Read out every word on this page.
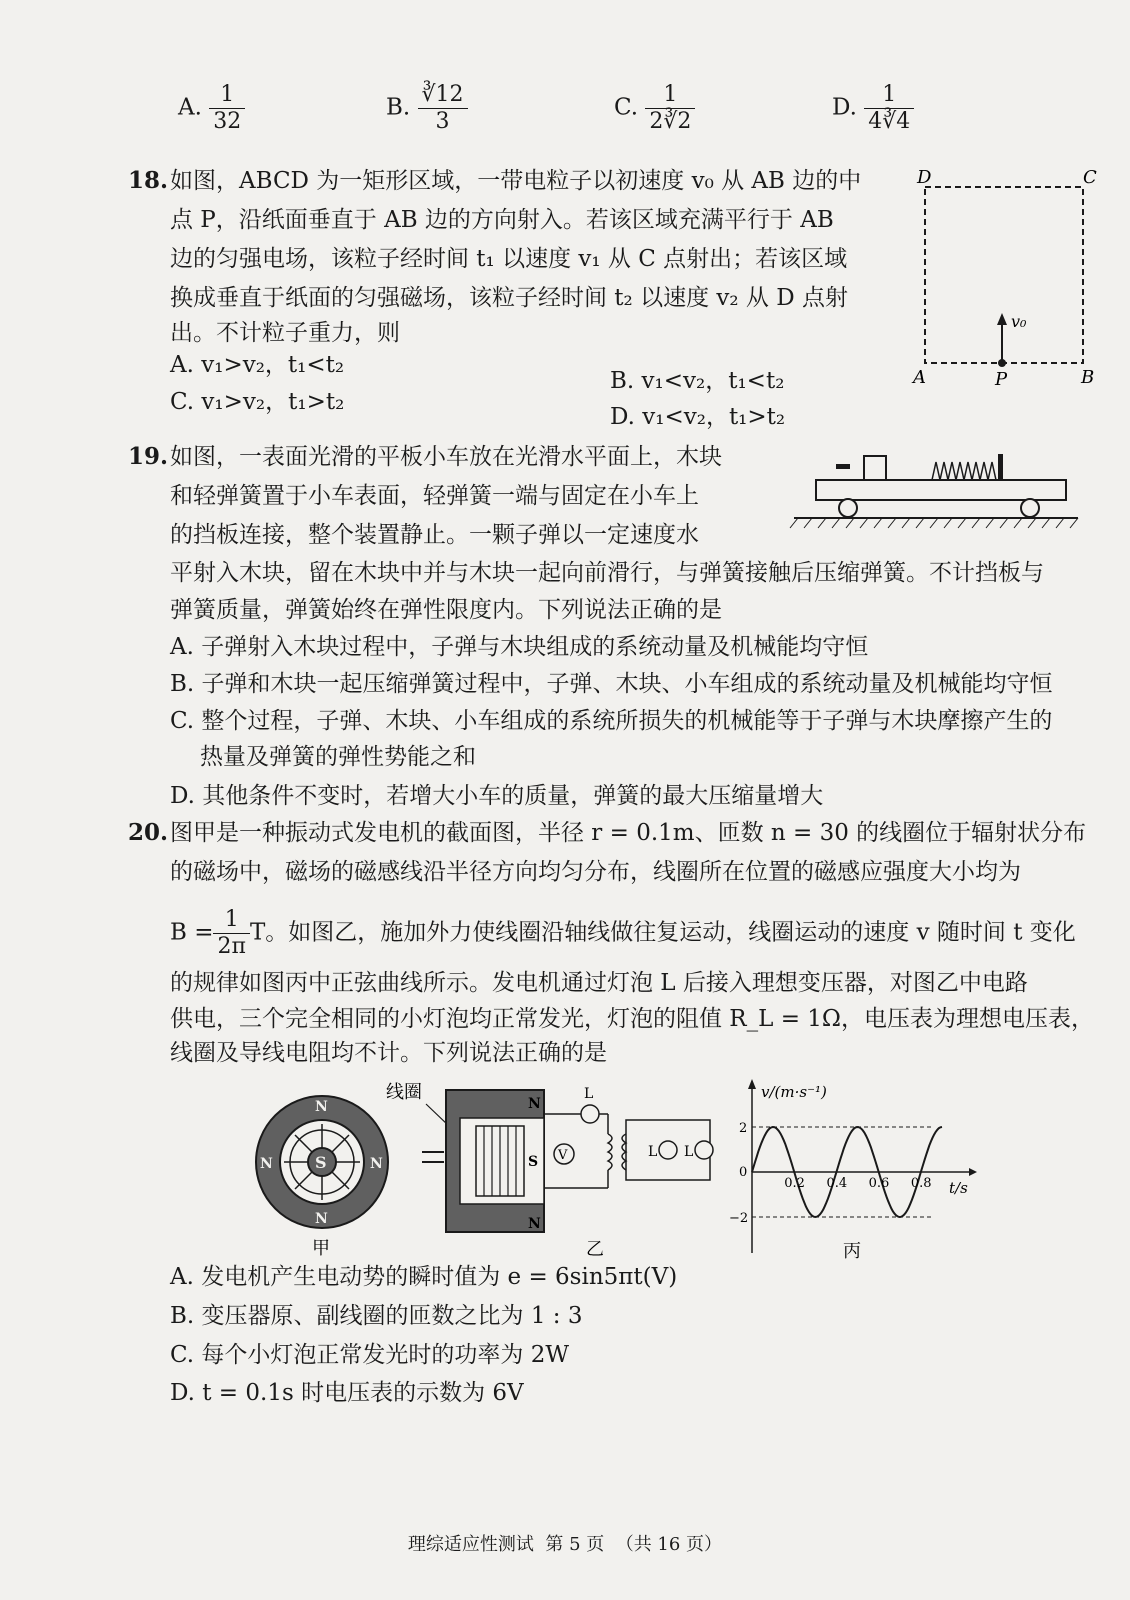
A. $\frac{1}{32}$	B. $\frac{∛12}{3}$	C. $\frac{1}{2∛2}$	D. $\frac{1}{4∛4}$
18. 如图，ABCD 为一矩形区域，一带电粒子以初速度 v₀ 从 AB 边的中
点 P，沿纸面垂直于 AB 边的方向射入。若该区域充满平行于 AB
边的匀强电场，该粒子经时间 t₁ 以速度 v₁ 从 C 点射出；若该区域
换成垂直于纸面的匀强磁场，该粒子经时间 t₂ 以速度 v₂ 从 D 点射
出。不计粒子重力，则
A. v₁>v₂，t₁<t₂
C. v₁>v₂，t₁>t₂
B. v₁<v₂，t₁<t₂
D. v₁<v₂，t₁>t₂
D	C
A	P	B
v₀
19. 如图，一表面光滑的平板小车放在光滑水平面上，木块
和轻弹簧置于小车表面，轻弹簧一端与固定在小车上
的挡板连接，整个装置静止。一颗子弹以一定速度水
平射入木块，留在木块中并与木块一起向前滑行，与弹簧接触后压缩弹簧。不计挡板与
弹簧质量，弹簧始终在弹性限度内。下列说法正确的是
A. 子弹射入木块过程中，子弹与木块组成的系统动量及机械能均守恒
B. 子弹和木块一起压缩弹簧过程中，子弹、木块、小车组成的系统动量及机械能均守恒
C. 整个过程，子弹、木块、小车组成的系统所损失的机械能等于子弹与木块摩擦产生的
热量及弹簧的弹性势能之和
D. 其他条件不变时，若增大小车的质量，弹簧的最大压缩量增大
20. 图甲是一种振动式发电机的截面图，半径 r = 0.1m、匝数 n = 30 的线圈位于辐射状分布
的磁场中，磁场的磁感线沿半径方向均匀分布，线圈所在位置的磁感应强度大小均为
$B = \frac{1}{2\pi}$ T。如图乙，施加外力使线圈沿轴线做往复运动，线圈运动的速度 v 随时间 t 变化
的规律如图丙中正弦曲线所示。发电机通过灯泡 L 后接入理想变压器，对图乙中电路
供电，三个完全相同的小灯泡均正常发光，灯泡的阻值 R_L = 1Ω，电压表为理想电压表，
线圈及导线电阻均不计。下列说法正确的是
S
N
N
N	N
甲
线圈
N
S
N
V
L
L L
乙
v/(m·s⁻¹)
t/s
2
0
−2
0.2 0.4 0.6 0.8
丙
A. 发电机产生电动势的瞬时值为 e = 6sin5πt(V)
B. 变压器原、副线圈的匝数之比为 1 : 3
C. 每个小灯泡正常发光时的功率为 2W
D. t = 0.1s 时电压表的示数为 6V
理综适应性测试  第 5 页  （共 16 页）
